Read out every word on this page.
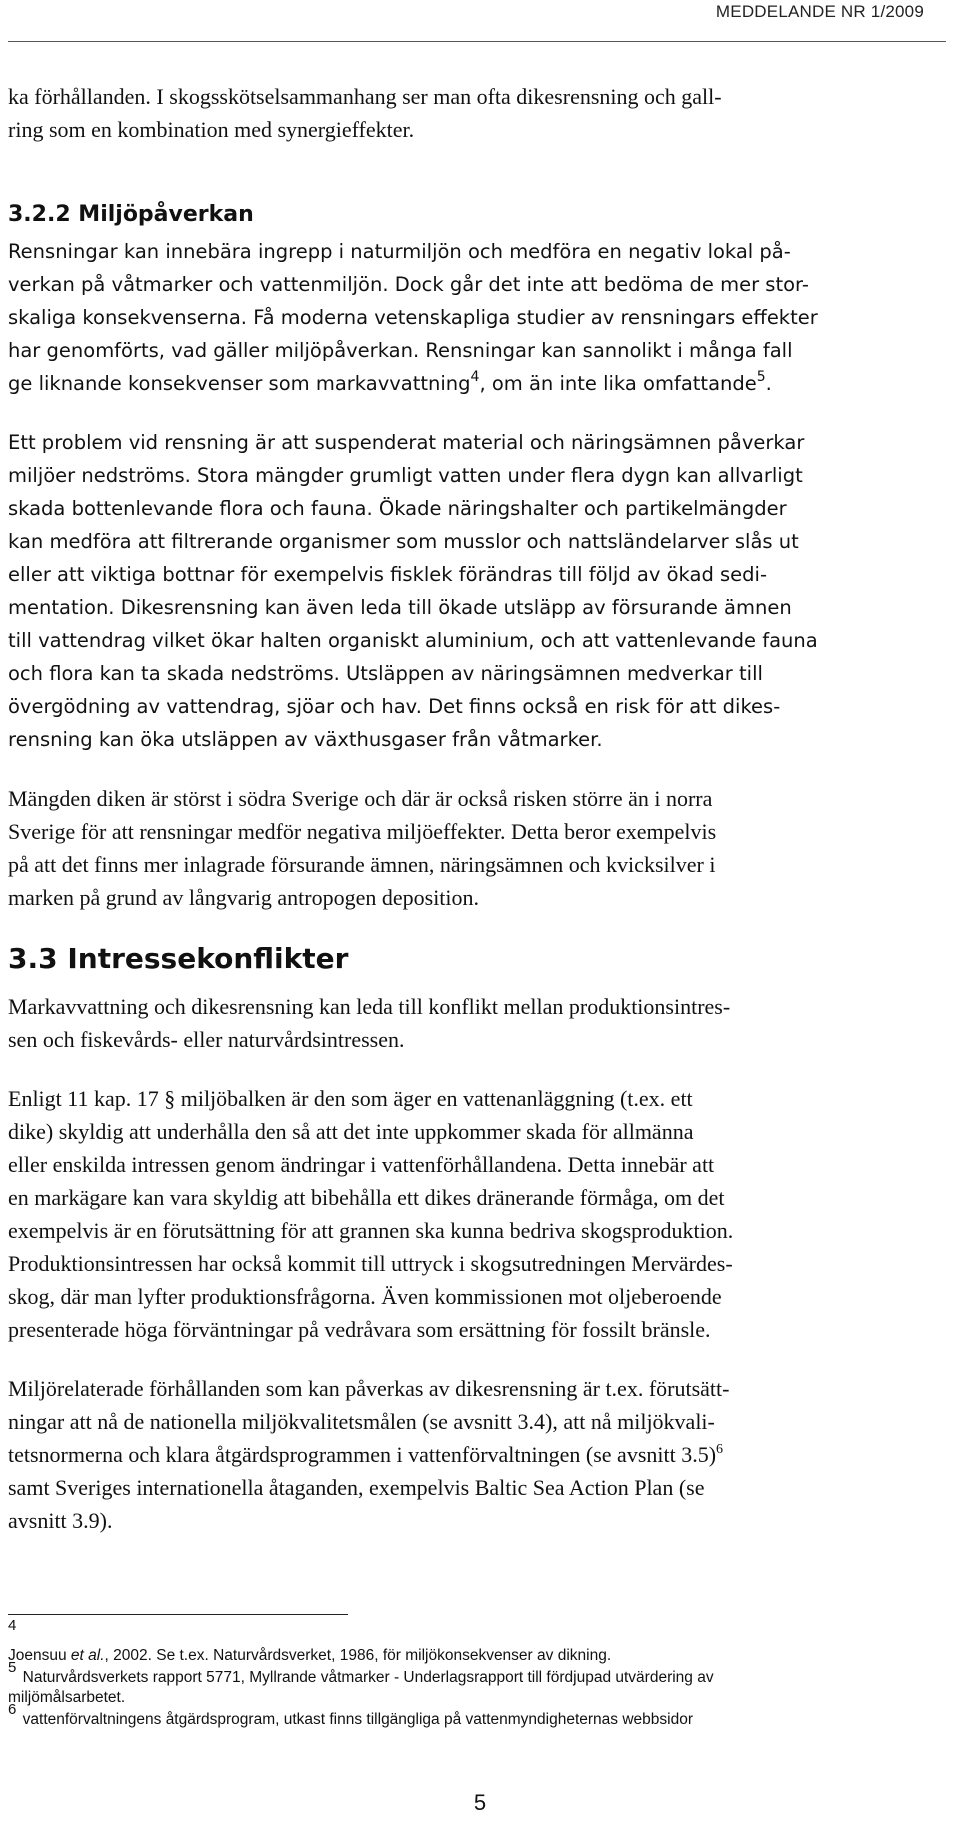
MEDDELANDE NR 1/2009

ka förhållanden. I skogsskötselsammanhang ser man ofta dikesrensning och gall-
ring som en kombination med synergieffekter.

3.2.2 Miljöpåverkan

Rensningar kan innebära ingrepp i naturmiljön och medföra en negativ lokal på-
verkan på våtmarker och vattenmiljön. Dock går det inte att bedöma de mer stor-
skaliga konsekvenserna. Få moderna vetenskapliga studier av rensningars effekter
har genomförts, vad gäller miljöpåverkan. Rensningar kan sannolikt i många fall
ge liknande konsekvenser som markavvattning$^4$, om än inte lika omfattande$^5$.

Ett problem vid rensning är att suspenderat material och näringsämnen påverkar
miljöer nedströms. Stora mängder grumligt vatten under flera dygn kan allvarligt
skada bottenlevande flora och fauna. Ökade näringshalter och partikelmängder
kan medföra att filtrerande organismer som musslor och nattsländelarver slås ut
eller att viktiga bottnar för exempelvis fisklek förändras till följd av ökad sedi-
mentation. Dikesrensning kan även leda till ökade utsläpp av försurande ämnen
till vattendrag vilket ökar halten organiskt aluminium, och att vattenlevande fauna
och flora kan ta skada nedströms. Utsläppen av näringsämnen medverkar till
övergödning av vattendrag, sjöar och hav. Det finns också en risk för att dikes-
rensning kan öka utsläppen av växthusgaser från våtmarker.

Mängden diken är störst i södra Sverige och där är också risken större än i norra
Sverige för att rensningar medför negativa miljöeffekter. Detta beror exempelvis
på att det finns mer inlagrade försurande ämnen, näringsämnen och kvicksilver i
marken på grund av långvarig antropogen deposition.

3.3 Intressekonflikter

Markavvattning och dikesrensning kan leda till konflikt mellan produktionsintres-
sen och fiskevårds- eller naturvårdsintressen.

Enligt 11 kap. 17 § miljöbalken är den som äger en vattenanläggning (t.ex. ett
dike) skyldig att underhålla den så att det inte uppkommer skada för allmänna
eller enskilda intressen genom ändringar i vattenförhållandena. Detta innebär att
en markägare kan vara skyldig att bibehålla ett dikes dränerande förmåga, om det
exempelvis är en förutsättning för att grannen ska kunna bedriva skogsproduktion.
Produktionsintressen har också kommit till uttryck i skogsutredningen Mervärdes-
skog, där man lyfter produktionsfrågorna. Även kommissionen mot oljeberoende
presenterade höga förväntningar på vedråvara som ersättning för fossilt bränsle.

Miljörelaterade förhållanden som kan påverkas av dikesrensning är t.ex. förutsätt-
ningar att nå de nationella miljökvalitetsmålen (se avsnitt 3.4), att nå miljökvali-
tetsnormerna och klara åtgärdsprogrammen i vattenförvaltningen (se avsnitt 3.5)$^6$
samt Sveriges internationella åtaganden, exempelvis Baltic Sea Action Plan (se
avsnitt 3.9).

4
Joensuu et al., 2002. Se t.ex. Naturvårdsverket, 1986, för miljökonsekvenser av dikning.

5 Naturvårdsverkets rapport 5771, Myllrande våtmarker - Underlagsrapport till fördjupad utvärdering av
miljömålsarbetet.

6 vattenförvaltningens åtgärdsprogram, utkast finns tillgängliga på vattenmyndigheternas webbsidor

5
